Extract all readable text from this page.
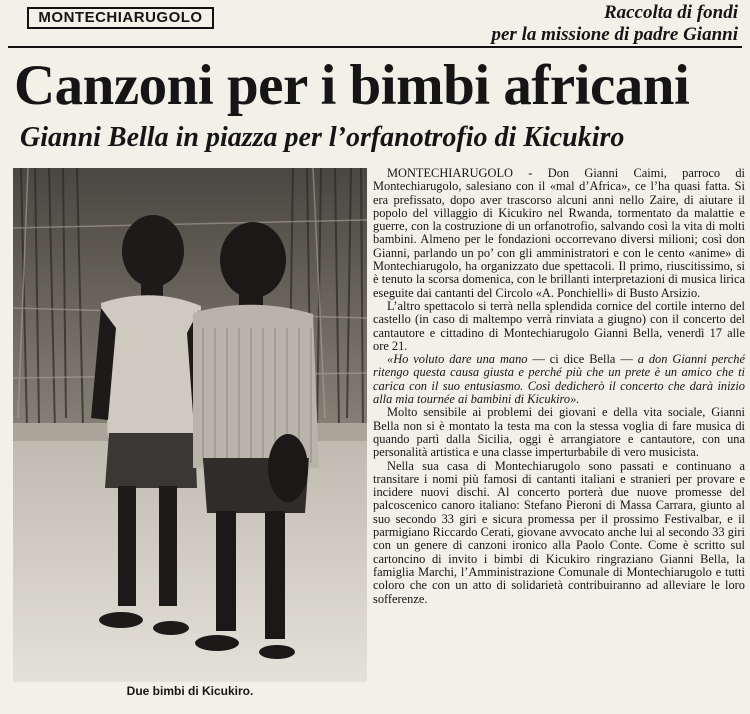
MONTECHIARUGOLO	Raccolta di fondi
per la missione di padre Gianni
Canzoni per i bimbi africani
Gianni Bella in piazza per l’orfanotrofio di Kicukiro
Due bimbi di Kicukiro.

MONTECHIARUGOLO - Don Gianni Caimi, parroco di Montechiarugolo, salesiano con il «mal d’Africa», ce l’ha quasi fatta. Si era prefissato, dopo aver trascorso alcuni anni nello Zaire, di aiutare il popolo del villaggio di Kicukiro nel Rwanda, tormentato da malattie e guerre, con la costruzione di un orfanotrofio, salvando così la vita di molti bambini. Almeno per le fondazioni occorrevano diversi milioni; così don Gianni, parlando un po’ con gli amministratori e con le cento «anime» di Montechiarugolo, ha organizzato due spettacoli. Il primo, riuscitissimo, si è tenuto la scorsa domenica, con le brillanti interpretazioni di musica lirica eseguite dai cantanti del Circolo «A. Ponchielli» di Busto Arsizio.

L’altro spettacolo si terrà nella splendida cornice del cortile interno del castello (in caso di maltempo verrà rinviata a giugno) con il concerto del cantautore e cittadino di Montechiarugolo Gianni Bella, venerdì 17 alle ore 21.

«Ho voluto dare una mano — ci dice Bella — a don Gianni perché ritengo questa causa giusta e perché più che un prete è un amico che ti carica con il suo entusiasmo. Così dedicherò il concerto che darà inizio alla mia tournée ai bambini di Kicukiro».

Molto sensibile ai problemi dei giovani e della vita sociale, Gianni Bella non si è montato la testa ma con la stessa voglia di fare musica di quando partì dalla Sicilia, oggi è arrangiatore e cantautore, con una personalità artistica e una classe imperturbabile di vero musicista.

Nella sua casa di Montechiarugolo sono passati e continuano a transitare i nomi più famosi di cantanti italiani e stranieri per provare e incidere nuovi dischi. Al concerto porterà due nuove promesse del palcoscenico canoro italiano: Stefano Pieroni di Massa Carrara, giunto al suo secondo 33 giri e sicura promessa per il prossimo Festivalbar, e il parmigiano Riccardo Cerati, giovane avvocato anche lui al secondo 33 giri con un genere di canzoni ironico alla Paolo Conte. Come è scritto sul cartoncino di invito i bimbi di Kicukiro ringraziano Gianni Bella, la famiglia Marchi, l’Amministrazione Comunale di Montechiarugolo e tutti coloro che con un atto di solidarietà contribuiranno ad alleviare le loro sofferenze.
